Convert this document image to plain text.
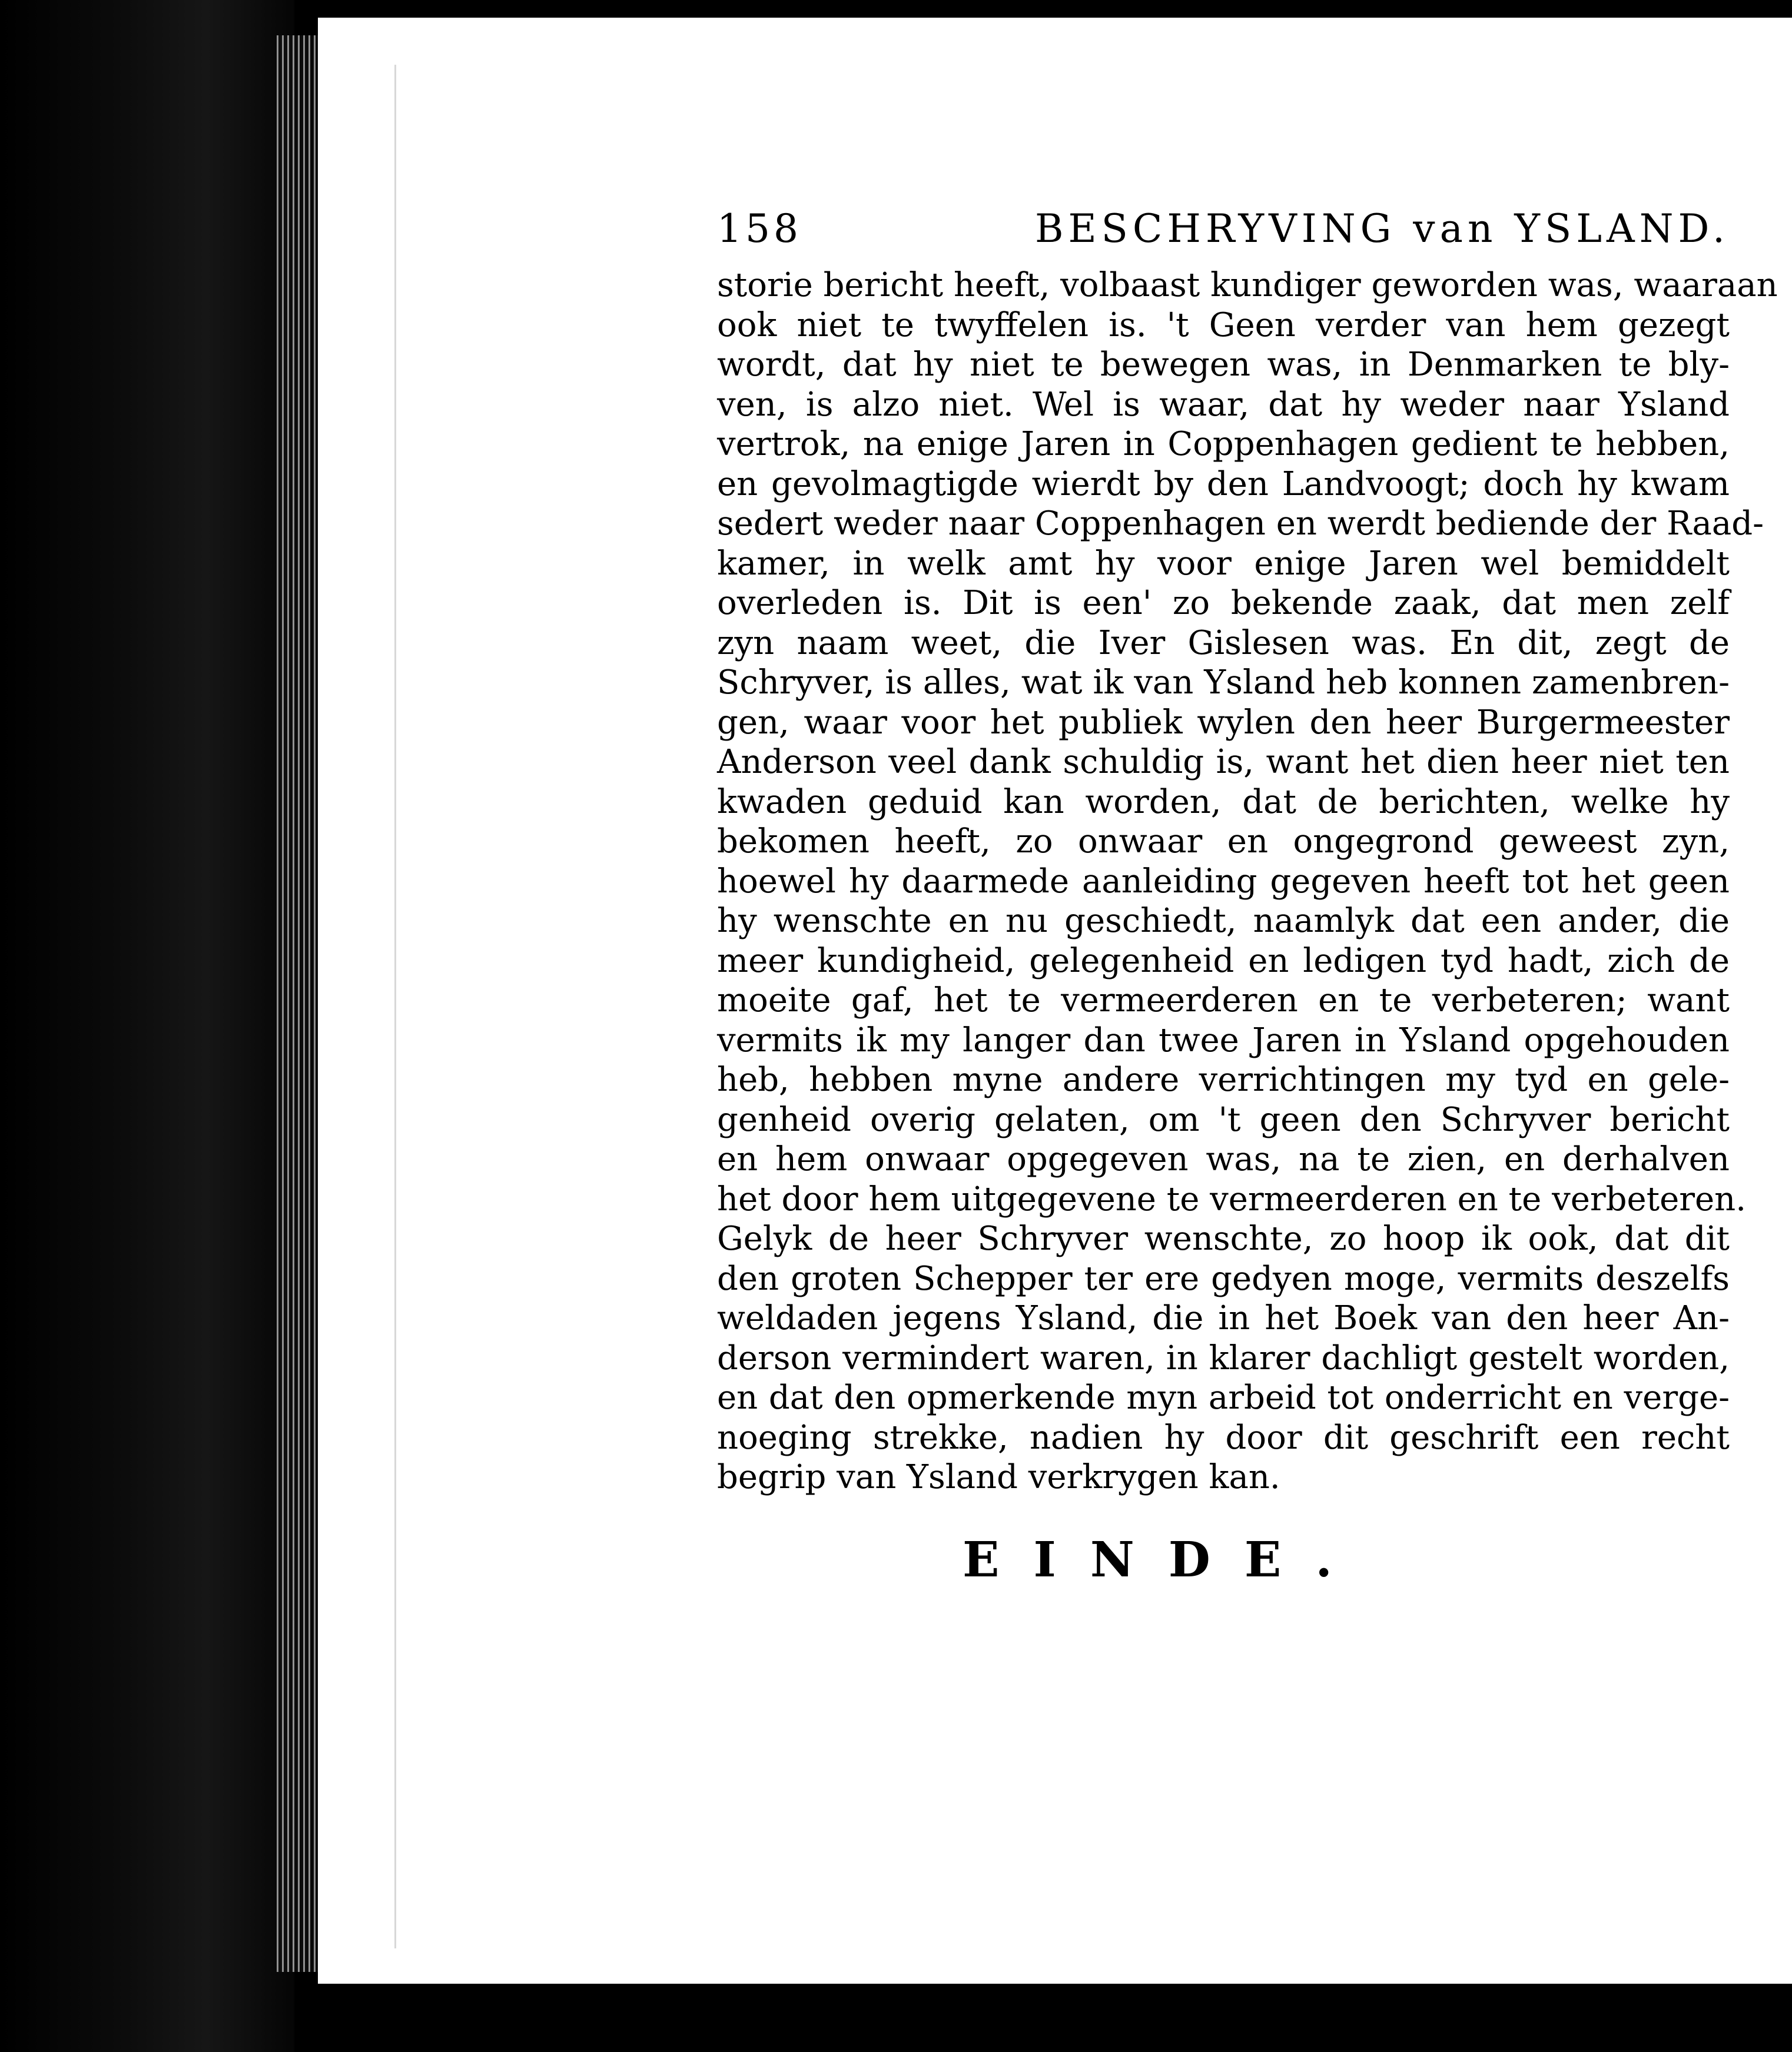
158	BESCHRYVING van YSLAND.
storie bericht heeft, volbaast kundiger geworden was, waaraan
ook niet te twyffelen is. 't Geen verder van hem gezegt
wordt, dat hy niet te bewegen was, in Denmarken te bly-
ven, is alzo niet. Wel is waar, dat hy weder naar Ysland
vertrok, na enige Jaren in Coppenhagen gedient te hebben,
en gevolmagtigde wierdt by den Landvoogt; doch hy kwam
sedert weder naar Coppenhagen en werdt bediende der Raad-
kamer, in welk amt hy voor enige Jaren wel bemiddelt
overleden is. Dit is een' zo bekende zaak, dat men zelf
zyn naam weet, die Iver Gislesen was. En dit, zegt de
Schryver, is alles, wat ik van Ysland heb konnen zamenbren-
gen, waar voor het publiek wylen den heer Burgermeester
Anderson veel dank schuldig is, want het dien heer niet ten
kwaden geduid kan worden, dat de berichten, welke hy
bekomen heeft, zo onwaar en ongegrond geweest zyn,
hoewel hy daarmede aanleiding gegeven heeft tot het geen
hy wenschte en nu geschiedt, naamlyk dat een ander, die
meer kundigheid, gelegenheid en ledigen tyd hadt, zich de
moeite gaf, het te vermeerderen en te verbeteren; want
vermits ik my langer dan twee Jaren in Ysland opgehouden
heb, hebben myne andere verrichtingen my tyd en gele-
genheid overig gelaten, om 't geen den Schryver bericht
en hem onwaar opgegeven was, na te zien, en derhalven
het door hem uitgegevene te vermeerderen en te verbeteren.
Gelyk de heer Schryver wenschte, zo hoop ik ook, dat dit
den groten Schepper ter ere gedyen moge, vermits deszelfs
weldaden jegens Ysland, die in het Boek van den heer An-
derson vermindert waren, in klarer dachligt gestelt worden,
en dat den opmerkende myn arbeid tot onderricht en verge-
noeging strekke, nadien hy door dit geschrift een recht
begrip van Ysland verkrygen kan.
EINDE.
